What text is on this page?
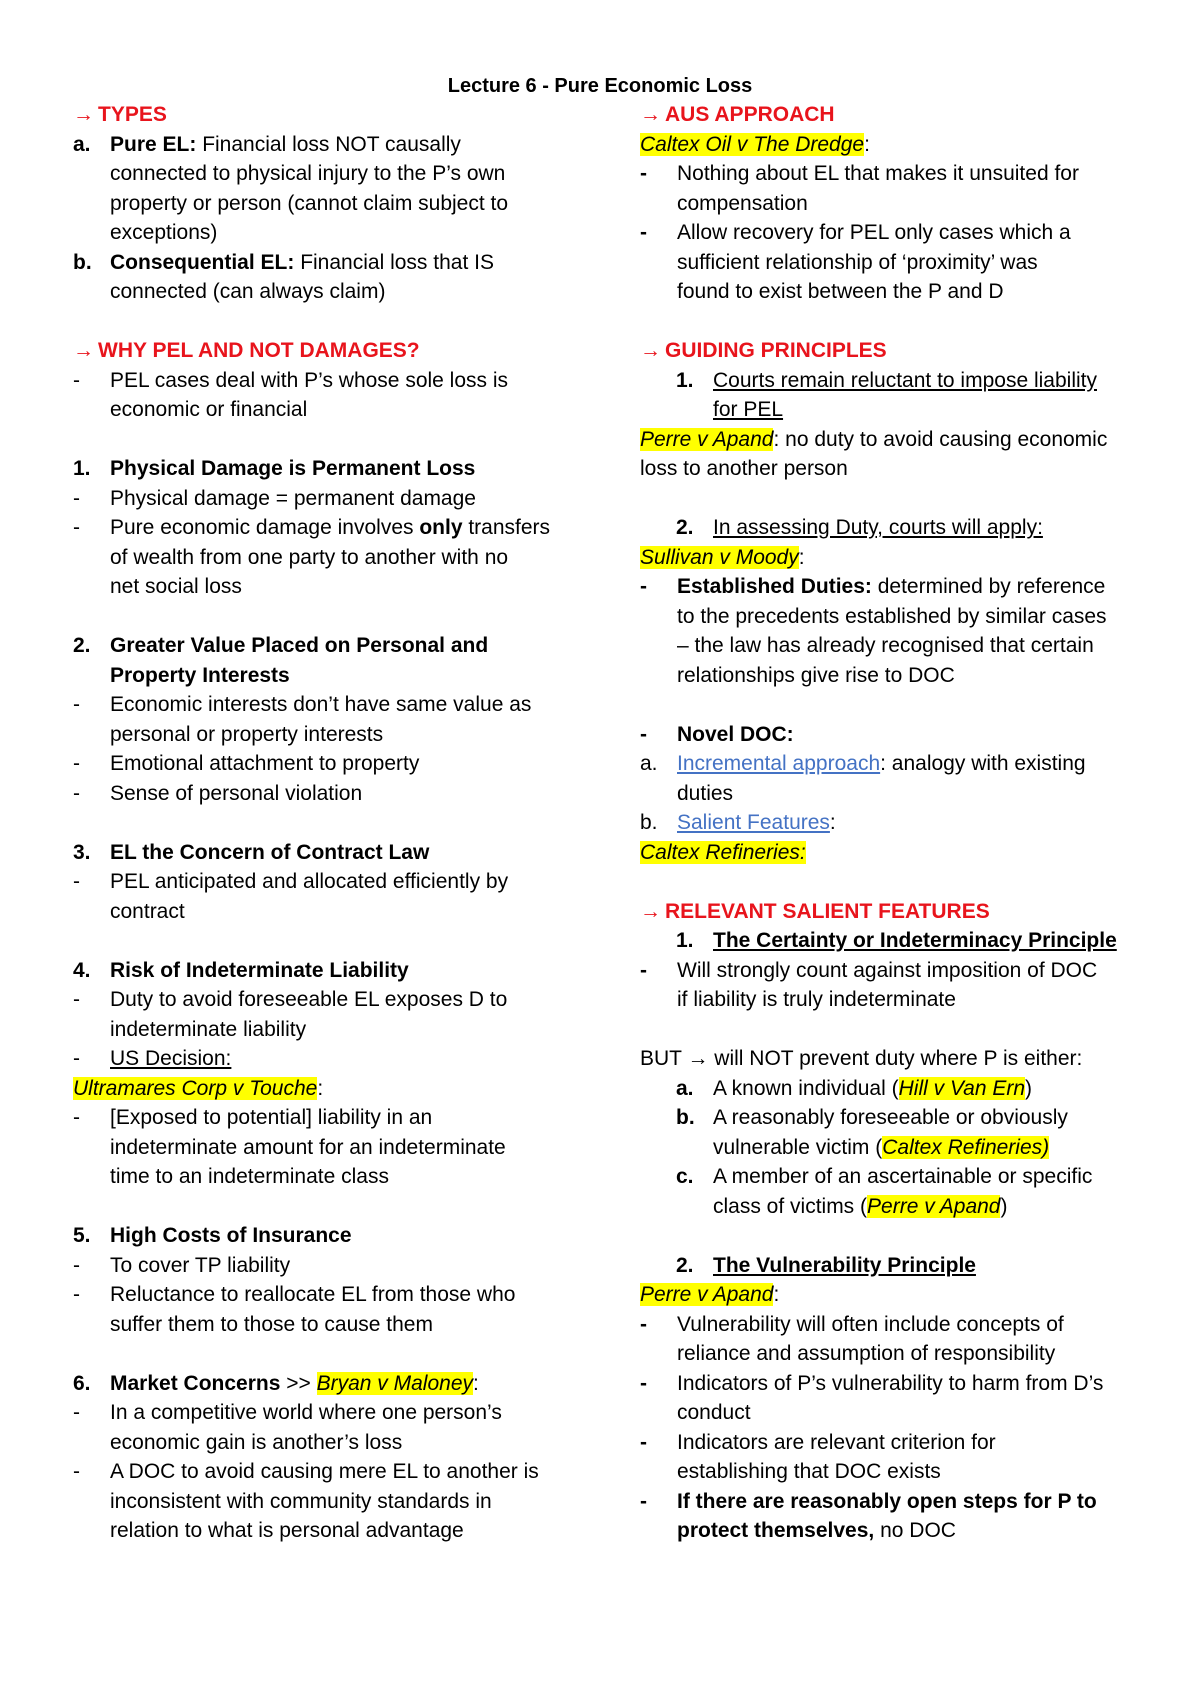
Lecture 6 - Pure Economic Loss
→ TYPES
a. Pure EL: Financial loss NOT causally
connected to physical injury to the P’s own
property or person (cannot claim subject to
exceptions)
b. Consequential EL: Financial loss that IS
connected (can always claim)
→ WHY PEL AND NOT DAMAGES?
- PEL cases deal with P’s whose sole loss is
economic or financial
1. Physical Damage is Permanent Loss
- Physical damage = permanent damage
- Pure economic damage involves only transfers
of wealth from one party to another with no
net social loss
2. Greater Value Placed on Personal and
Property Interests
- Economic interests don’t have same value as
personal or property interests
- Emotional attachment to property
- Sense of personal violation
3. EL the Concern of Contract Law
- PEL anticipated and allocated efficiently by
contract
4. Risk of Indeterminate Liability
- Duty to avoid foreseeable EL exposes D to
indeterminate liability
- US Decision:
Ultramares Corp v Touche:
- [Exposed to potential] liability in an
indeterminate amount for an indeterminate
time to an indeterminate class
5. High Costs of Insurance
- To cover TP liability
- Reluctance to reallocate EL from those who
suffer them to those to cause them
6. Market Concerns >> Bryan v Maloney:
- In a competitive world where one person’s
economic gain is another’s loss
- A DOC to avoid causing mere EL to another is
inconsistent with community standards in
relation to what is personal advantage
→ AUS APPROACH
Caltex Oil v The Dredge:
- Nothing about EL that makes it unsuited for
compensation
- Allow recovery for PEL only cases which a
sufficient relationship of ‘proximity’ was
found to exist between the P and D
→ GUIDING PRINCIPLES
1. Courts remain reluctant to impose liability
for PEL
Perre v Apand: no duty to avoid causing economic
loss to another person
2. In assessing Duty, courts will apply:
Sullivan v Moody:
- Established Duties: determined by reference
to the precedents established by similar cases
– the law has already recognised that certain
relationships give rise to DOC
- Novel DOC:
a. Incremental approach: analogy with existing
duties
b. Salient Features:
Caltex Refineries:
→ RELEVANT SALIENT FEATURES
1. The Certainty or Indeterminacy Principle
- Will strongly count against imposition of DOC
if liability is truly indeterminate
BUT → will NOT prevent duty where P is either:
a. A known individual (Hill v Van Ern)
b. A reasonably foreseeable or obviously
vulnerable victim (Caltex Refineries)
c. A member of an ascertainable or specific
class of victims (Perre v Apand)
2. The Vulnerability Principle
Perre v Apand:
- Vulnerability will often include concepts of
reliance and assumption of responsibility
- Indicators of P’s vulnerability to harm from D’s
conduct
- Indicators are relevant criterion for
establishing that DOC exists
- If there are reasonably open steps for P to
protect themselves, no DOC
